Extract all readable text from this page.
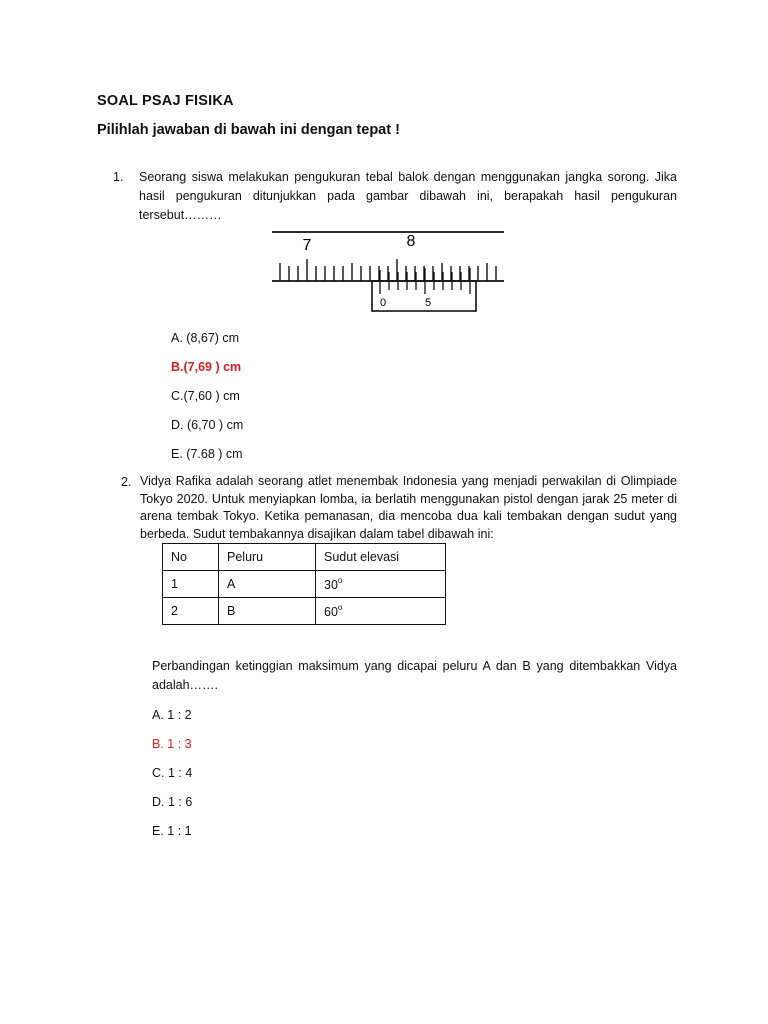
SOAL PSAJ FISIKA
Pilihlah jawaban di bawah ini dengan tepat !
1. Seorang siswa melakukan pengukuran tebal balok dengan menggunakan jangka sorong. Jika hasil pengukuran ditunjukkan pada gambar dibawah ini, berapakah hasil pengukuran tersebut………
7	8
0	5
A. (8,67) cm
B.(7,69 ) cm
C.(7,60 ) cm
D. (6,70 ) cm
E. (7.68 ) cm
2. Vidya Rafika adalah seorang atlet menembak Indonesia yang menjadi perwakilan di Olimpiade Tokyo 2020. Untuk menyiapkan lomba, ia berlatih menggunakan pistol dengan jarak 25 meter di arena tembak Tokyo. Ketika pemanasan, dia mencoba dua kali tembakan dengan sudut yang berbeda. Sudut tembakannya disajikan dalam tabel dibawah ini:
No	Peluru	Sudut elevasi
1	A	30$^o$
2	B	60$^o$
Perbandingan ketinggian maksimum yang dicapai peluru A dan B yang ditembakkan Vidya adalah…….
A. 1 : 2
B. 1 : 3
C. 1 : 4
D. 1 : 6
E. 1 : 1
